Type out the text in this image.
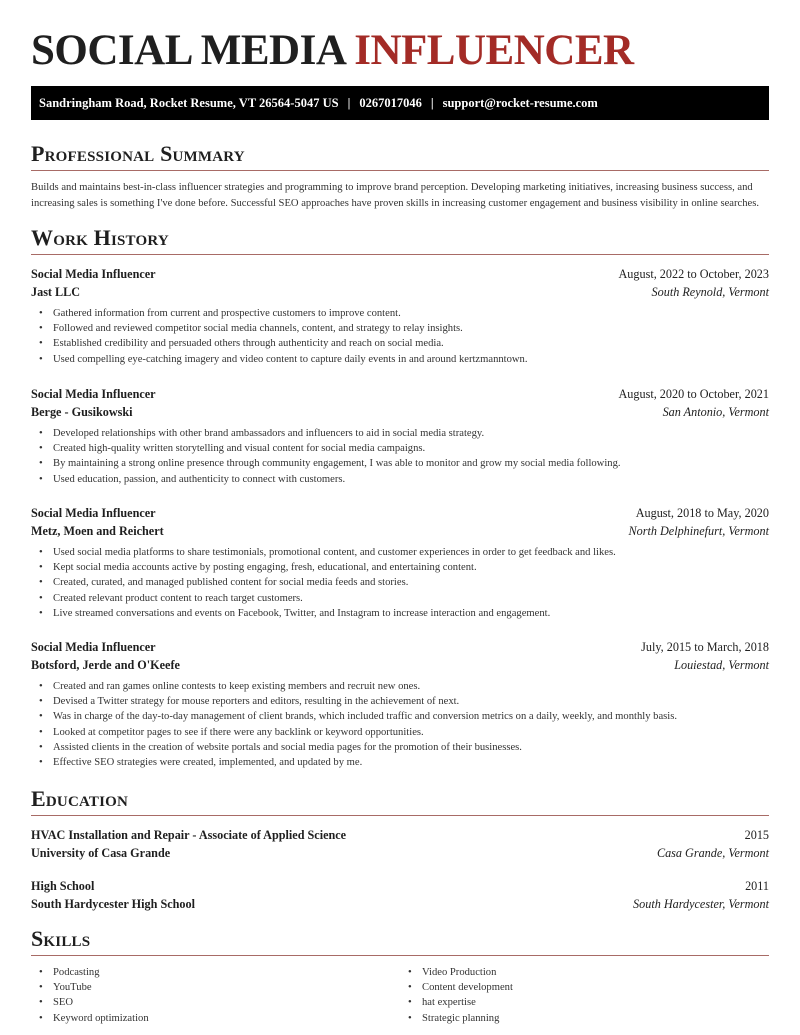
SOCIAL MEDIA INFLUENCER
Sandringham Road, Rocket Resume, VT 26564-5047 US | 0267017046 | support@rocket-resume.com
Professional Summary

Builds and maintains best-in-class influencer strategies and programming to improve brand perception. Developing marketing initiatives, increasing business success, and increasing sales is something I've done before. Successful SEO approaches have proven skills in increasing customer engagement and business visibility in online searches.

Work History
Social Media Influencer	August, 2022 to October, 2023
Jast LLC	South Reynold, Vermont
• Gathered information from current and prospective customers to improve content.
• Followed and reviewed competitor social media channels, content, and strategy to relay insights.
• Established credibility and persuaded others through authenticity and reach on social media.
• Used compelling eye-catching imagery and video content to capture daily events in and around kertzmanntown.
Social Media Influencer	August, 2020 to October, 2021
Berge - Gusikowski	San Antonio, Vermont
• Developed relationships with other brand ambassadors and influencers to aid in social media strategy.
• Created high-quality written storytelling and visual content for social media campaigns.
• By maintaining a strong online presence through community engagement, I was able to monitor and grow my social media following.
• Used education, passion, and authenticity to connect with customers.
Social Media Influencer	August, 2018 to May, 2020
Metz, Moen and Reichert	North Delphinefurt, Vermont
• Used social media platforms to share testimonials, promotional content, and customer experiences in order to get feedback and likes.
• Kept social media accounts active by posting engaging, fresh, educational, and entertaining content.
• Created, curated, and managed published content for social media feeds and stories.
• Created relevant product content to reach target customers.
• Live streamed conversations and events on Facebook, Twitter, and Instagram to increase interaction and engagement.
Social Media Influencer	July, 2015 to March, 2018
Botsford, Jerde and O'Keefe	Louiestad, Vermont
• Created and ran games online contests to keep existing members and recruit new ones.
• Devised a Twitter strategy for mouse reporters and editors, resulting in the achievement of next.
• Was in charge of the day-to-day management of client brands, which included traffic and conversion metrics on a daily, weekly, and monthly basis.
• Looked at competitor pages to see if there were any backlink or keyword opportunities.
• Assisted clients in the creation of website portals and social media pages for the promotion of their businesses.
• Effective SEO strategies were created, implemented, and updated by me.
Education
HVAC Installation and Repair - Associate of Applied Science	2015
University of Casa Grande	Casa Grande, Vermont
High School	2011
South Hardycester High School	South Hardycester, Vermont
Skills
• Podcasting
• YouTube
• SEO
• Keyword optimization
• Video Production
• Content development
• hat expertise
• Strategic planning
